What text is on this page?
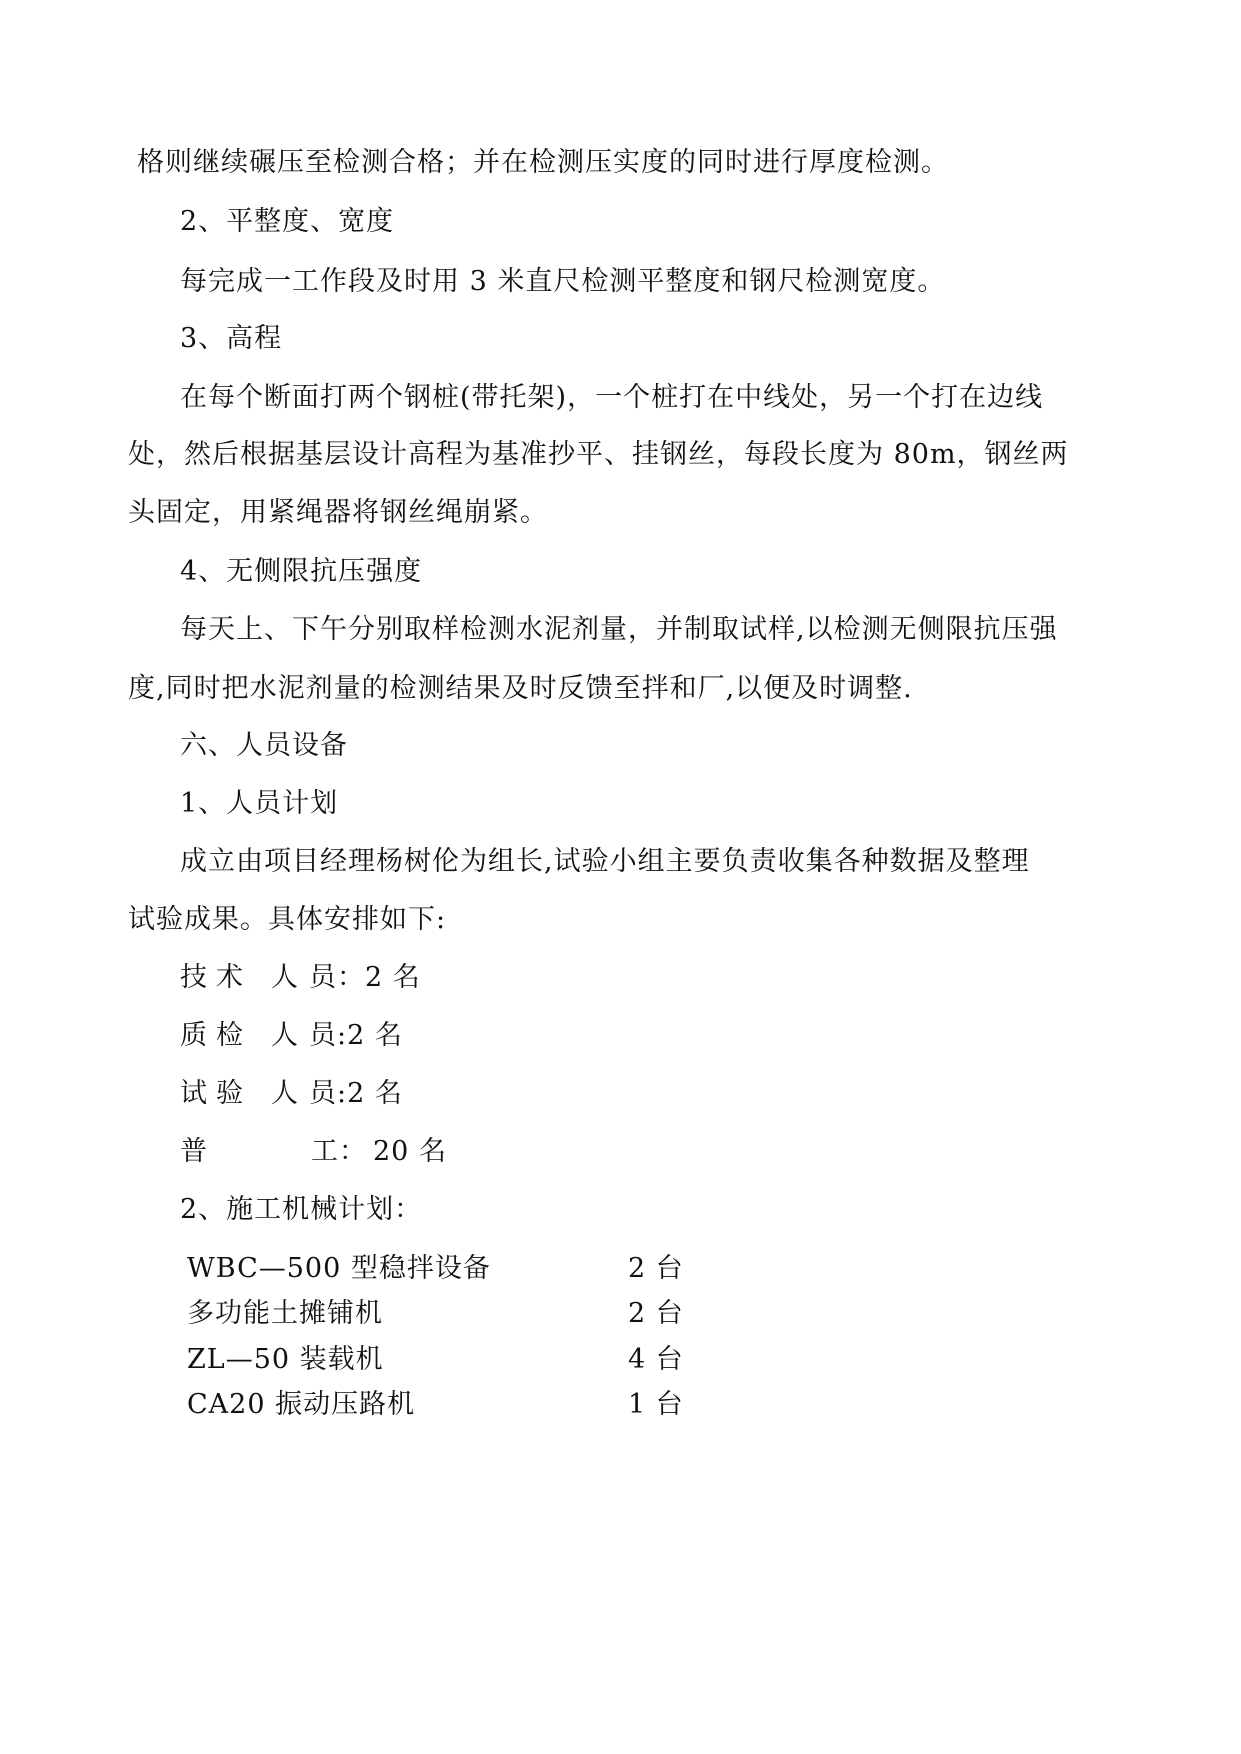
格则继续碾压至检测合格；并在检测压实度的同时进行厚度检测。
2、平整度、宽度
每完成一工作段及时用 3 米直尺检测平整度和钢尺检测宽度。
3、高程
在每个断面打两个钢桩(带托架)，一个桩打在中线处，另一个打在边线
处，然后根据基层设计高程为基准抄平、挂钢丝，每段长度为 80m，钢丝两
头固定，用紧绳器将钢丝绳崩紧。
4、无侧限抗压强度
每天上、下午分别取样检测水泥剂量，并制取试样,以检测无侧限抗压强
度,同时把水泥剂量的检测结果及时反馈至拌和厂,以便及时调整.
六、人员设备
1、人员计划
成立由项目经理杨树伦为组长,试验小组主要负责收集各种数据及整理
试验成果。具体安排如下:
技 术 人 员：2 名
质 检 人 员:2 名
试 验 人 员:2 名
普	工： 20 名
2、施工机械计划：
WBC—500 型稳拌设备	2 台
多功能土摊铺机	2 台
ZL—50 装载机	4 台
CA20 振动压路机	1 台
